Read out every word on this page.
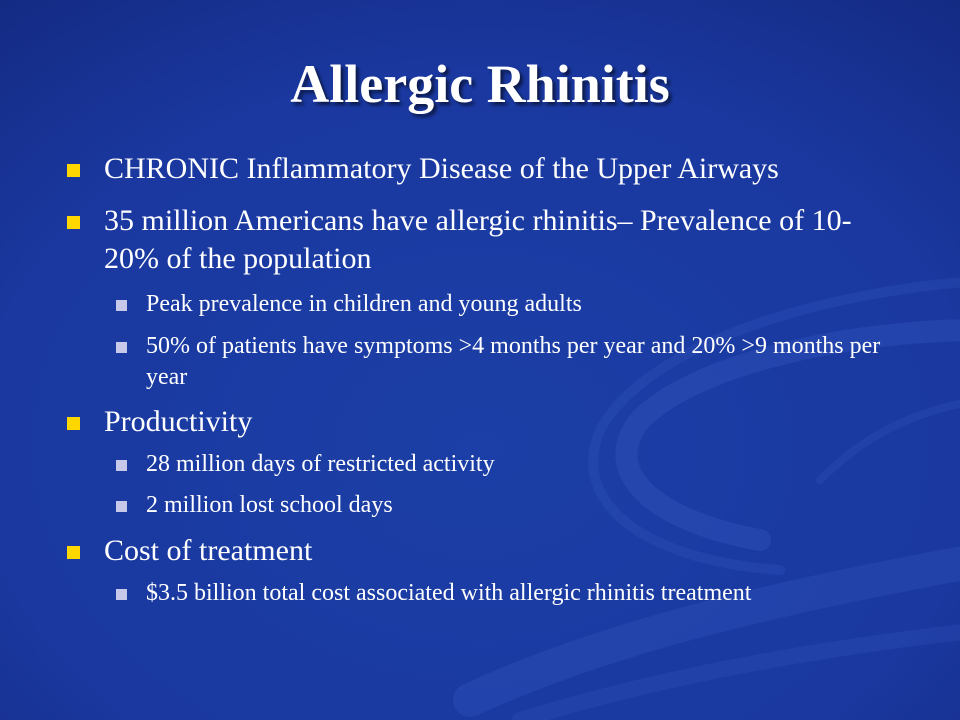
Allergic Rhinitis
CHRONIC Inflammatory Disease of the Upper Airways
35 million Americans have allergic rhinitis– Prevalence of 10-20% of the population
Peak prevalence in children and young adults
50% of patients have symptoms >4 months per year and 20% >9 months per year
Productivity
28 million days of restricted activity
2 million lost school days
Cost of treatment
$3.5 billion total cost associated with allergic rhinitis treatment
